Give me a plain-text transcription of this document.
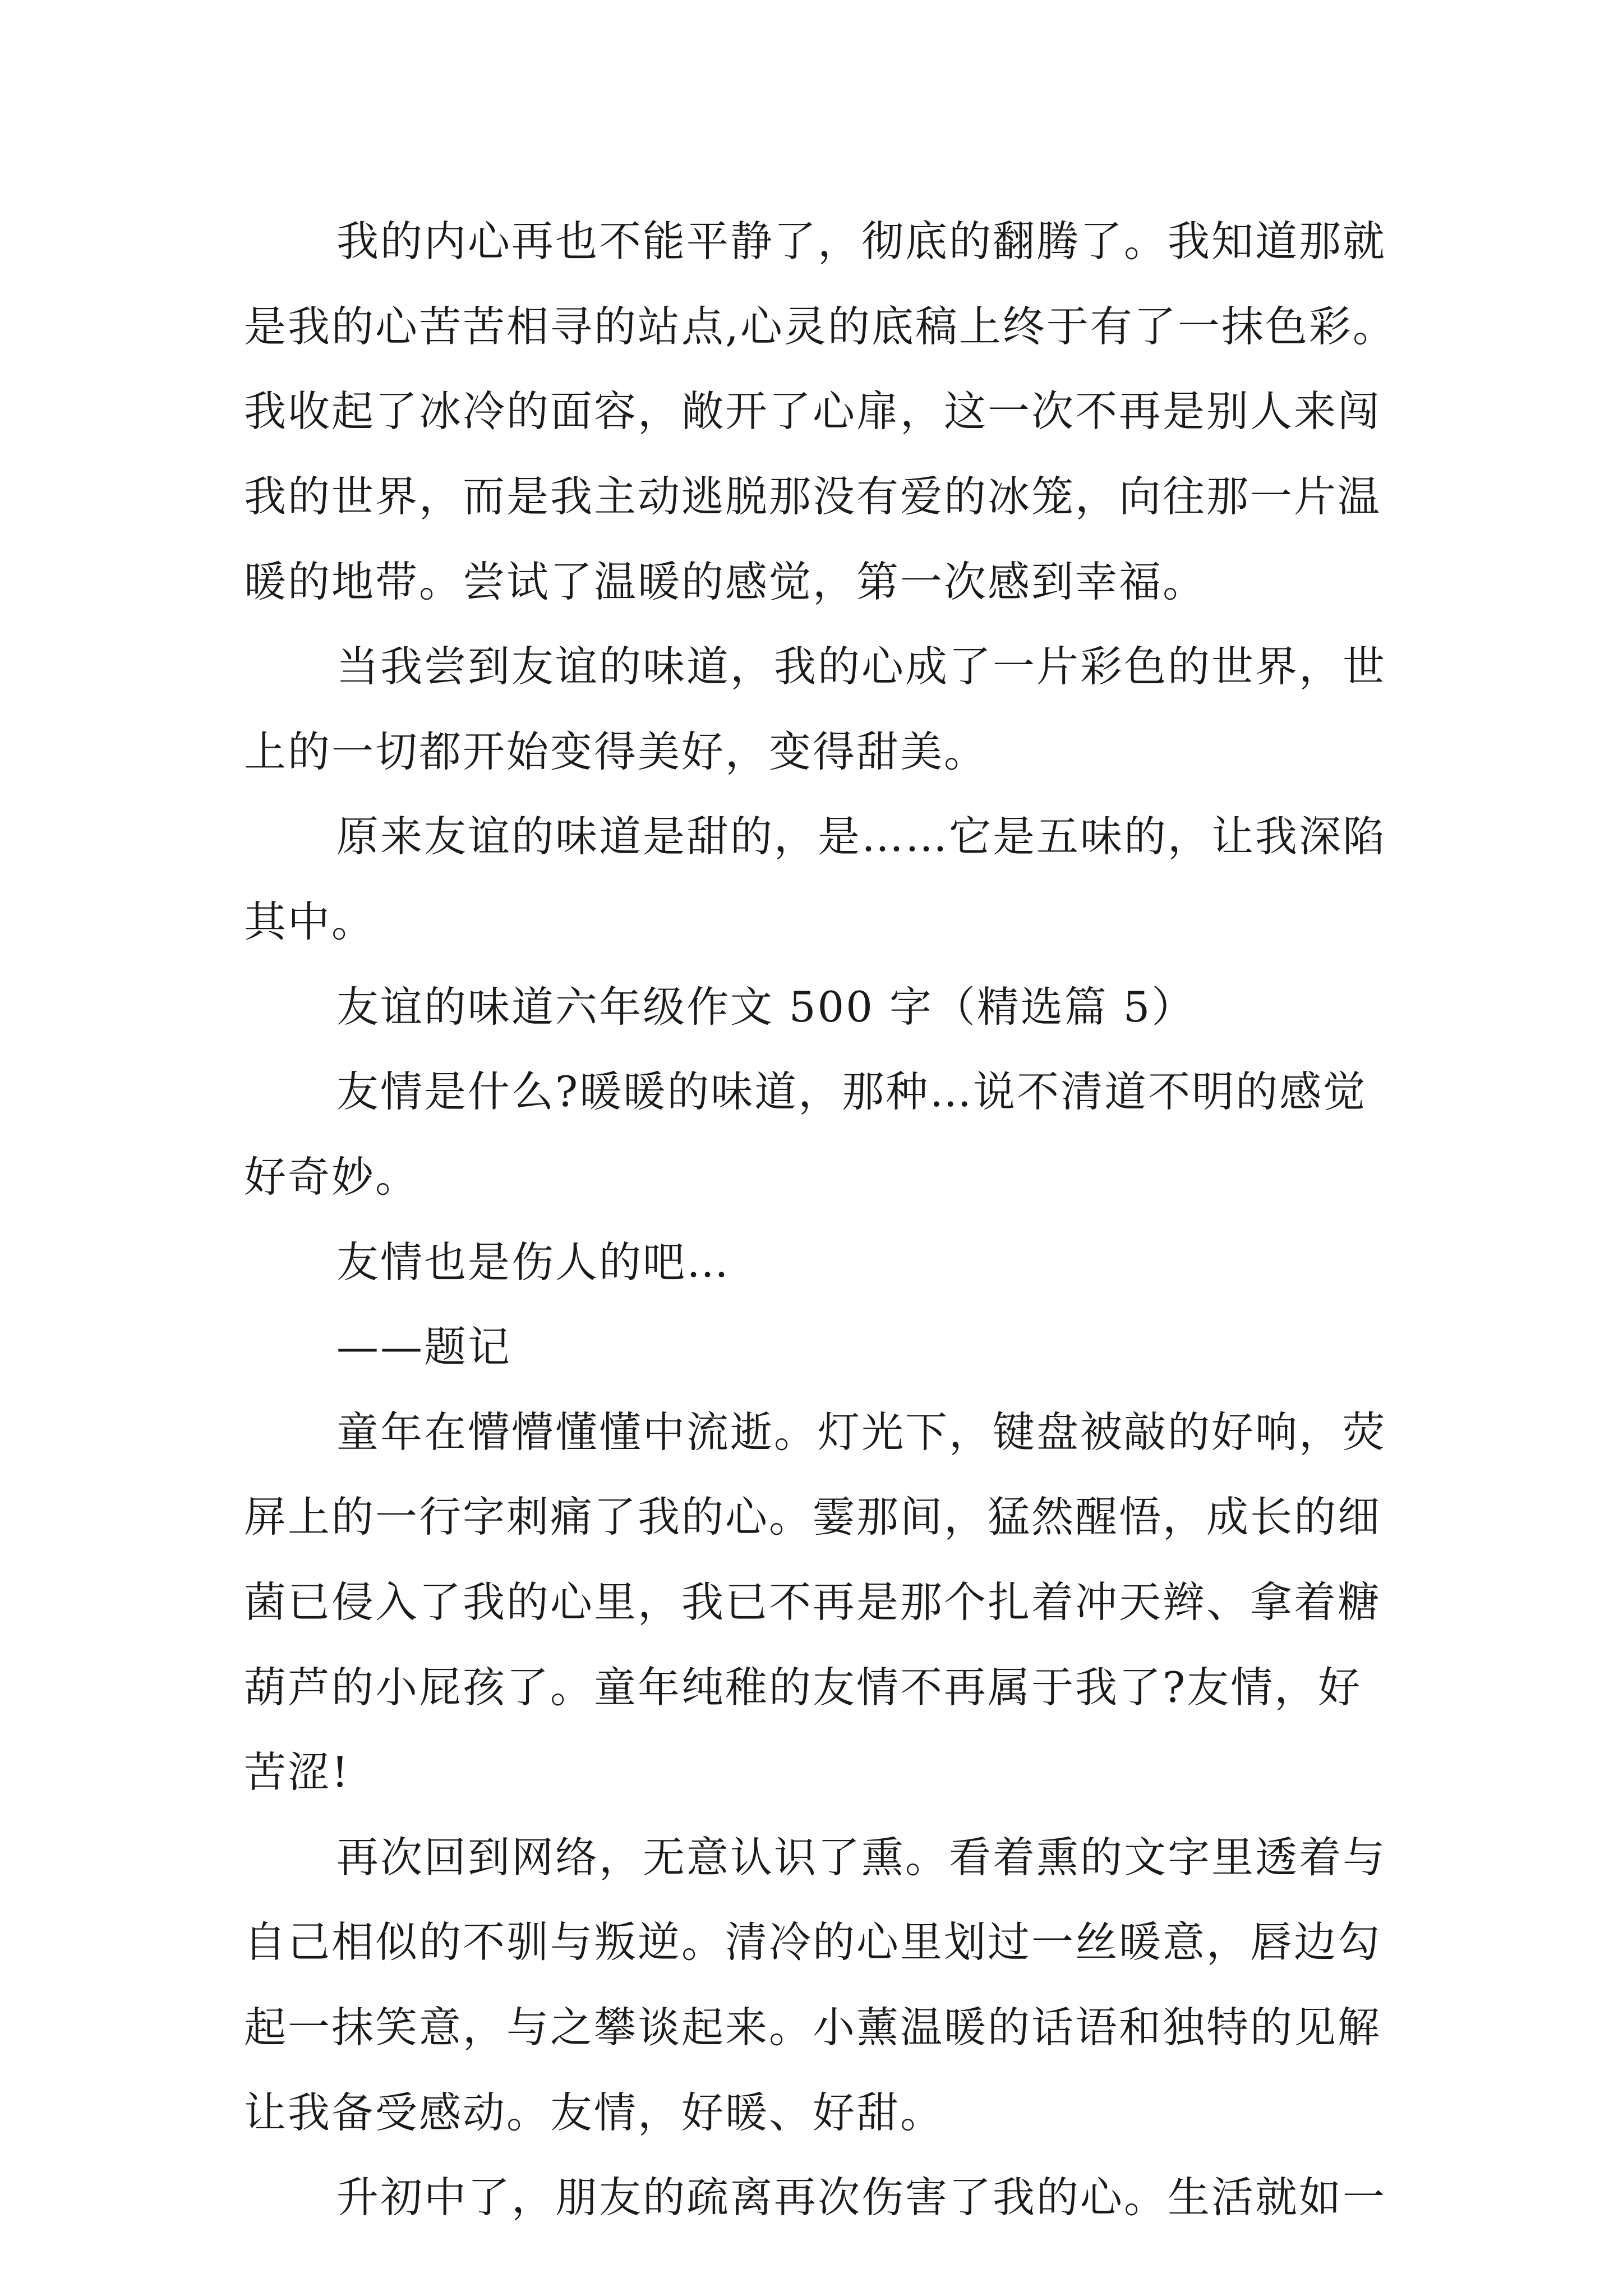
我的内心再也不能平静了，彻底的翻腾了。我知道那就
是我的心苦苦相寻的站点,心灵的底稿上终于有了一抹色彩。
我收起了冰冷的面容，敞开了心扉，这一次不再是别人来闯
我的世界，而是我主动逃脱那没有爱的冰笼，向往那一片温
暖的地带。尝试了温暖的感觉，第一次感到幸福。
当我尝到友谊的味道，我的心成了一片彩色的世界，世
上的一切都开始变得美好，变得甜美。
原来友谊的味道是甜的，是……它是五味的，让我深陷
其中。
友谊的味道六年级作文 500 字（精选篇 5）
友情是什么?暖暖的味道，那种…说不清道不明的感觉
好奇妙。
友情也是伤人的吧…
——题记
童年在懵懵懂懂中流逝。灯光下，键盘被敲的好响，荧
屏上的一行字刺痛了我的心。霎那间，猛然醒悟，成长的细
菌已侵入了我的心里，我已不再是那个扎着冲天辫、拿着糖
葫芦的小屁孩了。童年纯稚的友情不再属于我了?友情，好
苦涩!
再次回到网络，无意认识了熏。看着熏的文字里透着与
自己相似的不驯与叛逆。清冷的心里划过一丝暖意，唇边勾
起一抹笑意，与之攀谈起来。小薰温暖的话语和独特的见解
让我备受感动。友情，好暖、好甜。
升初中了，朋友的疏离再次伤害了我的心。生活就如一
